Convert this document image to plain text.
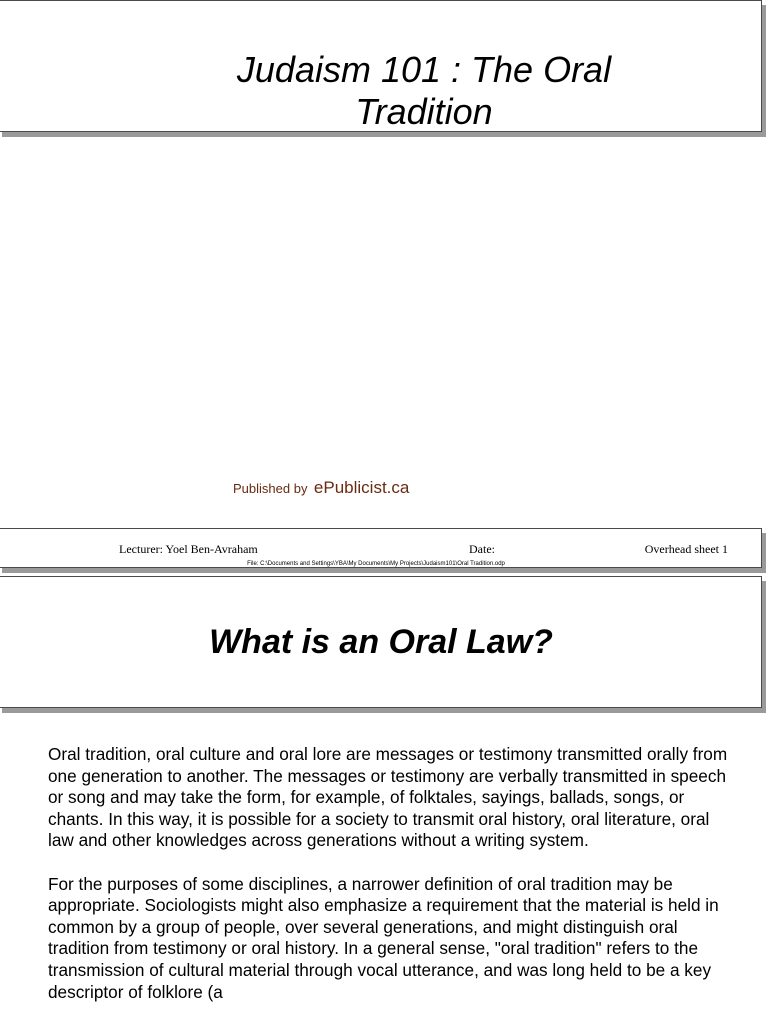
Judaism 101 : The Oral
Tradition
Published by ePublicist.ca
Lecturer: Yoel Ben-Avraham	Date:	Overhead sheet 1
File: C:\Documents and Settings\YBA\My Documents\My Projects\Judaism101\Oral Tradition.odp
What is an Oral Law?

Oral tradition, oral culture and oral lore are messages or testimony transmitted orally from one generation to another. The messages or testimony are verbally transmitted in speech or song and may take the form, for example, of folktales, sayings, ballads, songs, or chants. In this way, it is possible for a society to transmit oral history, oral literature, oral law and other knowledges across generations without a writing system.

For the purposes of some disciplines, a narrower definition of oral tradition may be appropriate. Sociologists might also emphasize a requirement that the material is held in common by a group of people, over several generations, and might distinguish oral tradition from testimony or oral history. In a general sense, "oral tradition" refers to the transmission of cultural material through vocal utterance, and was long held to be a key descriptor of folklore (a
